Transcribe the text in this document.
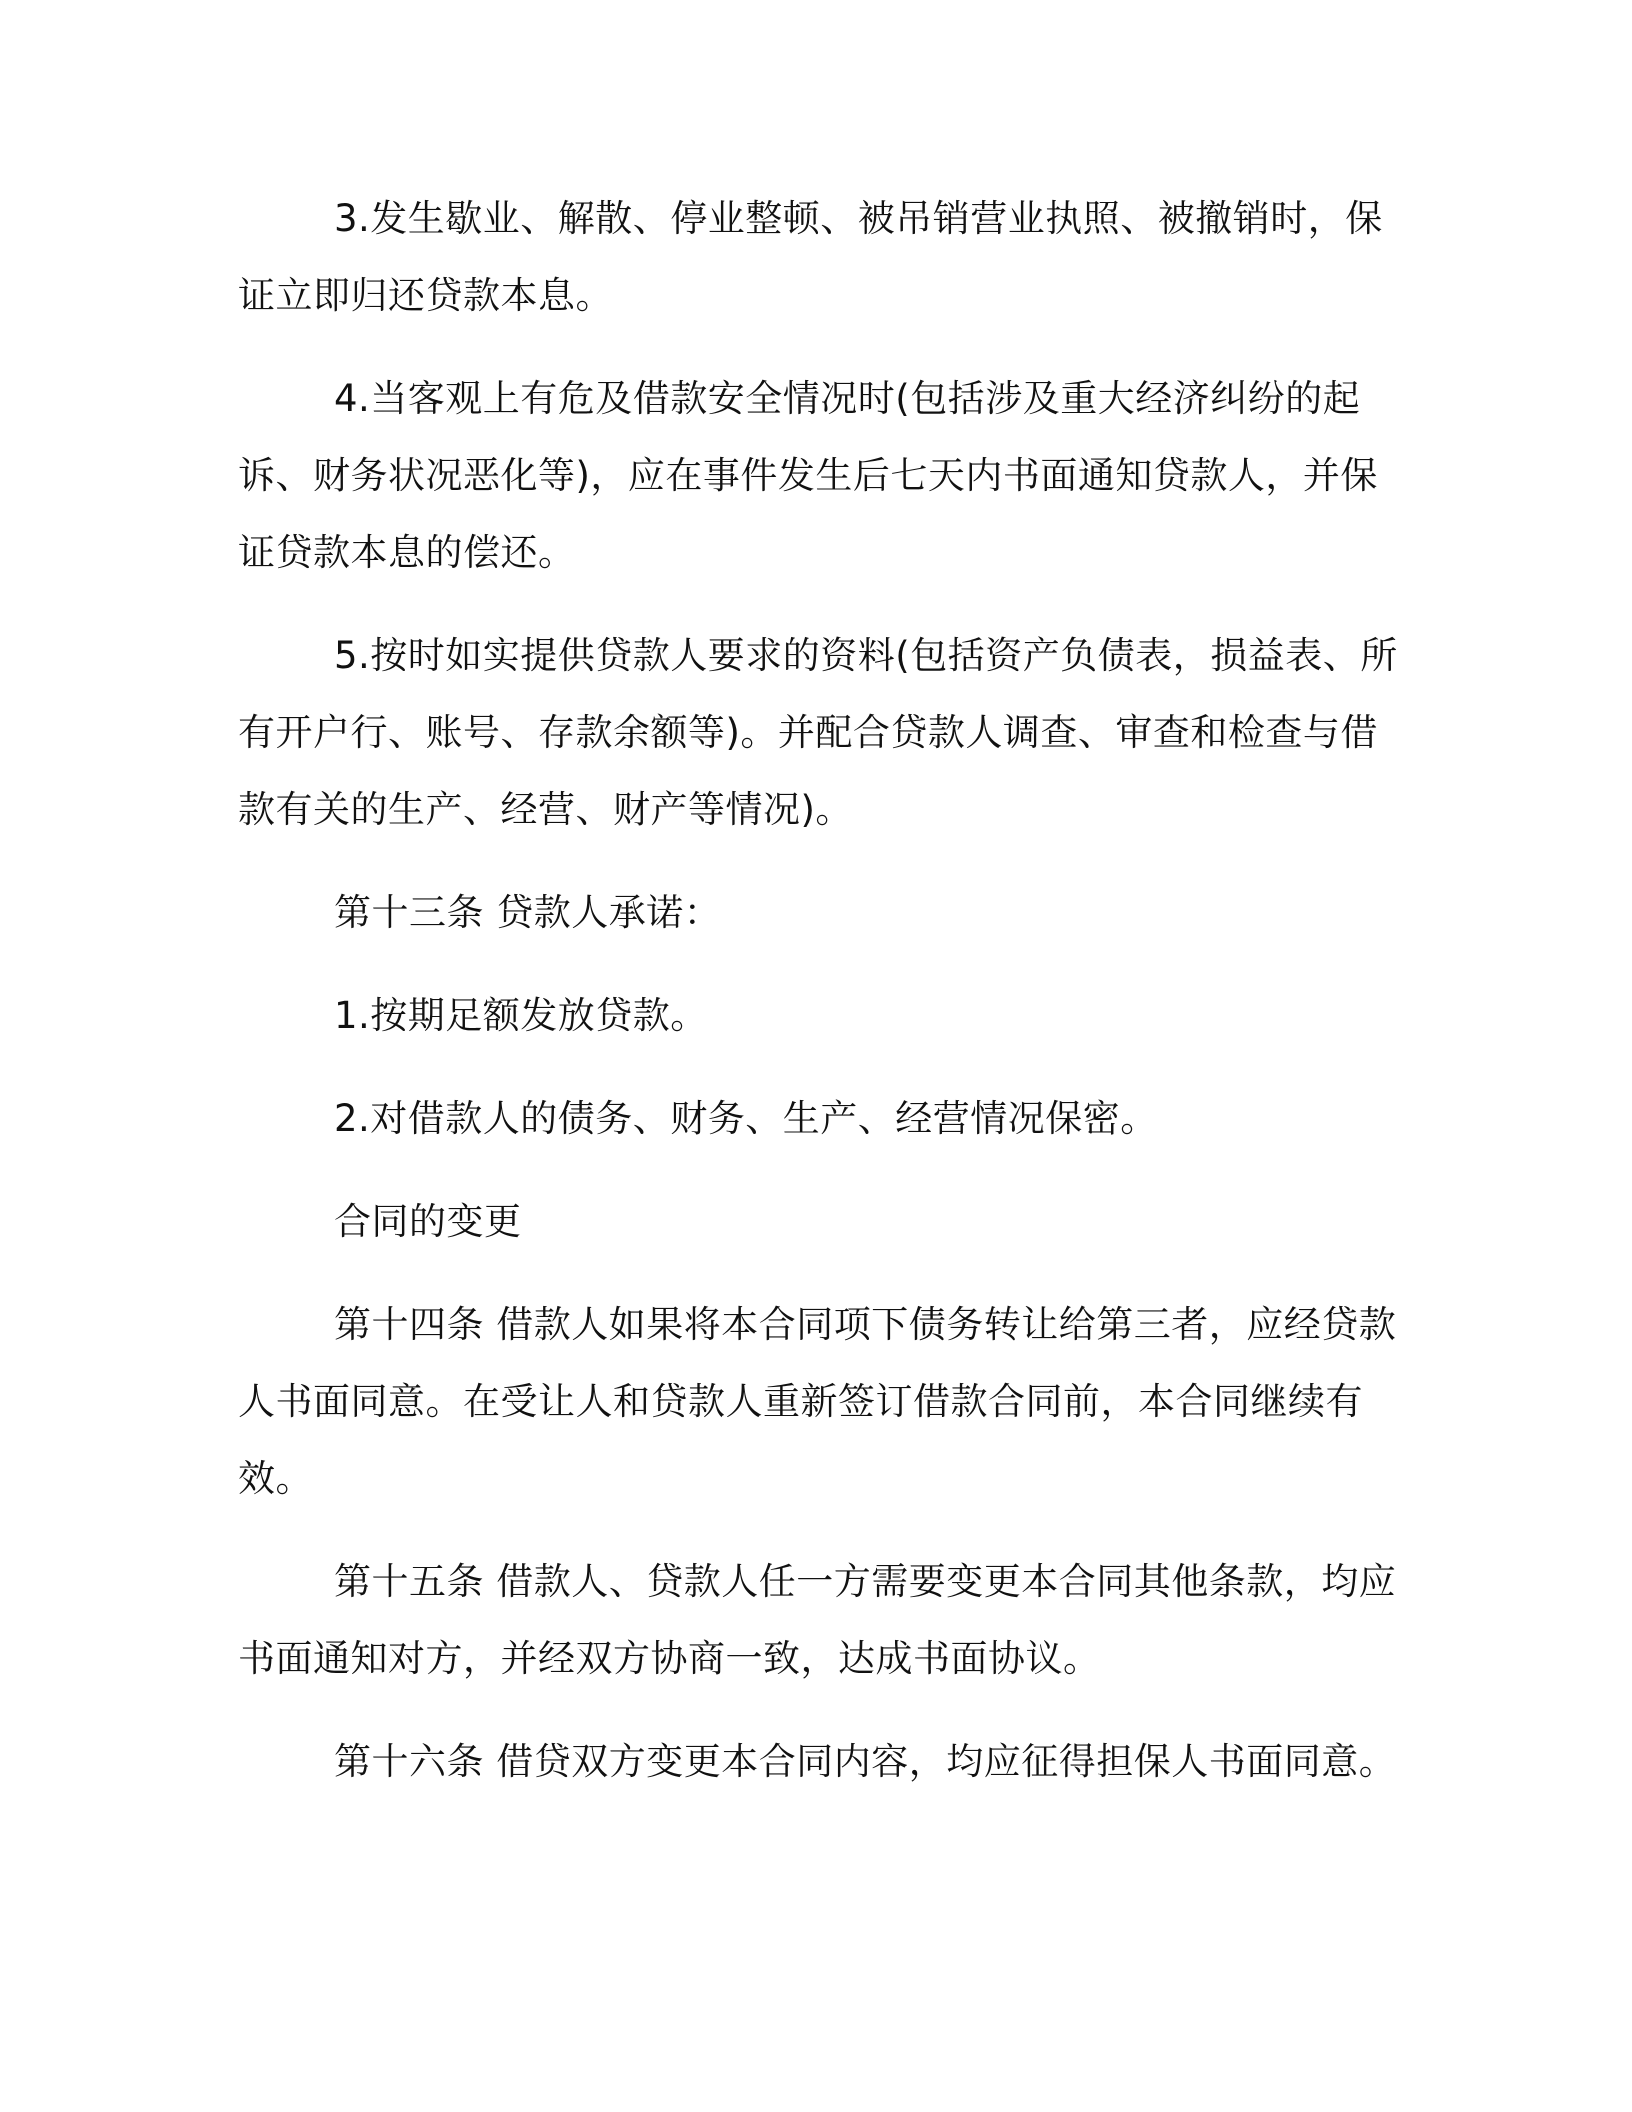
3.发生歇业、解散、停业整顿、被吊销营业执照、被撤销时，保证立即归还贷款本息。

4.当客观上有危及借款安全情况时(包括涉及重大经济纠纷的起诉、财务状况恶化等)，应在事件发生后七天内书面通知贷款人，并保证贷款本息的偿还。

5.按时如实提供贷款人要求的资料(包括资产负债表，损益表、所有开户行、账号、存款余额等)。并配合贷款人调查、审查和检查与借款有关的生产、经营、财产等情况)。

第十三条 贷款人承诺：

1.按期足额发放贷款。

2.对借款人的债务、财务、生产、经营情况保密。

合同的变更

第十四条 借款人如果将本合同项下债务转让给第三者，应经贷款人书面同意。在受让人和贷款人重新签订借款合同前，本合同继续有效。

第十五条 借款人、贷款人任一方需要变更本合同其他条款，均应书面通知对方，并经双方协商一致，达成书面协议。

第十六条 借贷双方变更本合同内容，均应征得担保人书面同意。
